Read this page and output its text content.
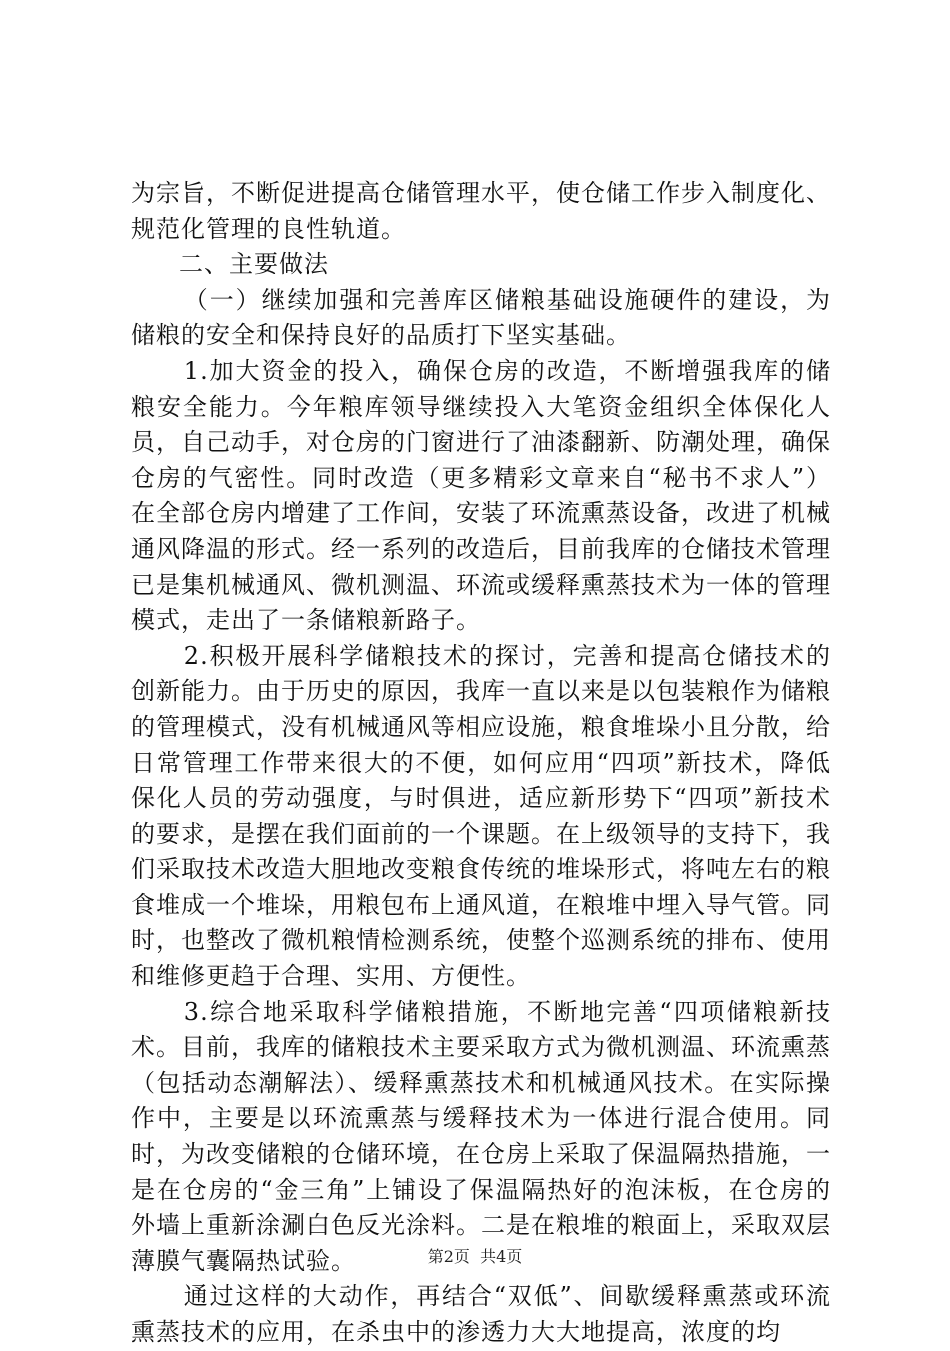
为宗旨，不断促进提高仓储管理水平，使仓储工作步入制度化、规范化管理的良性轨道。

二、主要做法

（一）继续加强和完善库区储粮基础设施硬件的建设，为储粮的安全和保持良好的品质打下坚实基础。

1.加大资金的投入，确保仓房的改造，不断增强我库的储粮安全能力。今年粮库领导继续投入大笔资金组织全体保化人员，自己动手，对仓房的门窗进行了油漆翻新、防潮处理，确保仓房的气密性。同时改造（更多精彩文章来自“秘书不求人”）在全部仓房内增建了工作间，安装了环流熏蒸设备，改进了机械通风降温的形式。经一系列的改造后，目前我库的仓储技术管理已是集机械通风、微机测温、环流或缓释熏蒸技术为一体的管理模式，走出了一条储粮新路子。

2.积极开展科学储粮技术的探讨，完善和提高仓储技术的创新能力。由于历史的原因，我库一直以来是以包装粮作为储粮的管理模式，没有机械通风等相应设施，粮食堆垛小且分散，给日常管理工作带来很大的不便，如何应用“四项”新技术，降低保化人员的劳动强度，与时俱进，适应新形势下“四项”新技术的要求，是摆在我们面前的一个课题。在上级领导的支持下，我们采取技术改造大胆地改变粮食传统的堆垛形式，将吨左右的粮食堆成一个堆垛，用粮包布上通风道，在粮堆中埋入导气管。同时，也整改了微机粮情检测系统，使整个巡测系统的排布、使用和维修更趋于合理、实用、方便性。

3.综合地采取科学储粮措施，不断地完善“四项储粮新技术。目前，我库的储粮技术主要采取方式为微机测温、环流熏蒸（包括动态潮解法）、缓释熏蒸技术和机械通风技术。在实际操作中，主要是以环流熏蒸与缓释技术为一体进行混合使用。同时，为改变储粮的仓储环境，在仓房上采取了保温隔热措施，一是在仓房的“金三角”上铺设了保温隔热好的泡沫板，在仓房的外墙上重新涂涮白色反光涂料。二是在粮堆的粮面上，采取双层薄膜气囊隔热试验。

通过这样的大动作，再结合“双低”、间歇缓释熏蒸或环流熏蒸技术的应用，在杀虫中的渗透力大大地提高，浓度的均

第2页 共4页
